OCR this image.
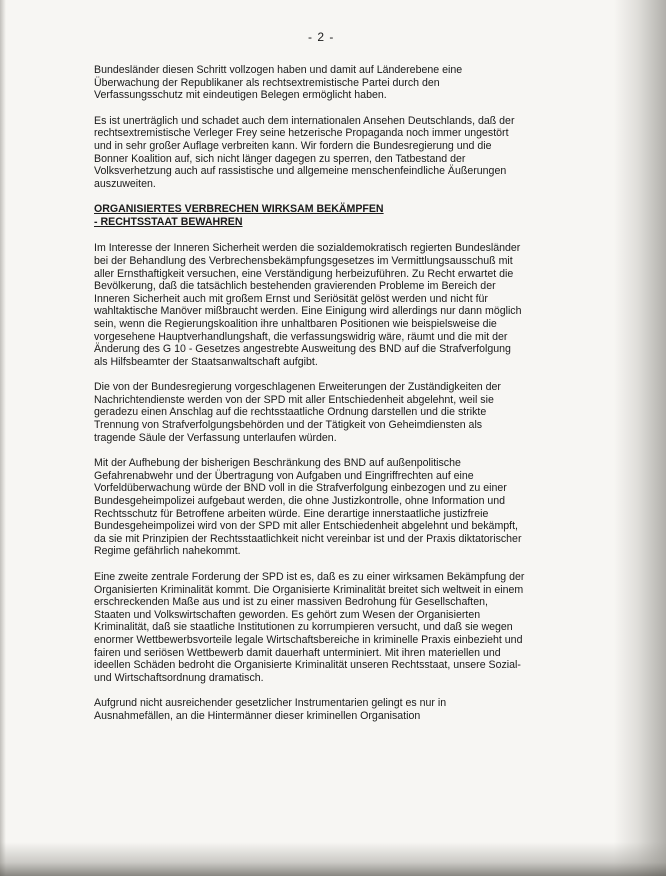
- 2 -

Bundesländer diesen Schritt vollzogen haben und damit auf Länderebene eine Überwachung der Republikaner als rechtsextremistische Partei durch den Verfassungsschutz mit eindeutigen Belegen ermöglicht haben.

Es ist unerträglich und schadet auch dem internationalen Ansehen Deutschlands, daß der rechtsextremistische Verleger Frey seine hetzerische Propaganda noch immer ungestört und in sehr großer Auflage verbreiten kann. Wir fordern die Bundesregierung und die Bonner Koalition auf, sich nicht länger dagegen zu sperren, den Tatbestand der Volksverhetzung auch auf rassistische und allgemeine menschenfeindliche Äußerungen auszuweiten.

ORGANISIERTES VERBRECHEN WIRKSAM BEKÄMPFEN
- RECHTSSTAAT BEWAHREN

Im Interesse der Inneren Sicherheit werden die sozialdemokratisch regierten Bundesländer bei der Behandlung des Verbrechensbekämpfungsgesetzes im Vermittlungsausschuß mit aller Ernsthaftigkeit versuchen, eine Verständigung herbeizuführen. Zu Recht erwartet die Bevölkerung, daß die tatsächlich bestehenden gravierenden Probleme im Bereich der Inneren Sicherheit auch mit großem Ernst und Seriösität gelöst werden und nicht für wahltaktische Manöver mißbraucht werden. Eine Einigung wird allerdings nur dann möglich sein, wenn die Regierungskoalition ihre unhaltbaren Positionen wie beispielsweise die vorgesehene Hauptverhandlungshaft, die verfassungswidrig wäre, räumt und die mit der Änderung des G 10 - Gesetzes angestrebte Ausweitung des BND auf die Strafverfolgung als Hilfsbeamter der Staatsanwaltschaft aufgibt.

Die von der Bundesregierung vorgeschlagenen Erweiterungen der Zuständigkeiten der Nachrichtendienste werden von der SPD mit aller Entschiedenheit abgelehnt, weil sie geradezu einen Anschlag auf die rechtsstaatliche Ordnung darstellen und die strikte Trennung von Strafverfolgungsbehörden und der Tätigkeit von Geheimdiensten als tragende Säule der Verfassung unterlaufen würden.

Mit der Aufhebung der bisherigen Beschränkung des BND auf außenpolitische Gefahrenabwehr und der Übertragung von Aufgaben und Eingriffrechten auf eine Vorfeldüberwachung würde der BND voll in die Strafverfolgung einbezogen und zu einer Bundesgeheimpolizei aufgebaut werden, die ohne Justizkontrolle, ohne Information und Rechtsschutz für Betroffene arbeiten würde. Eine derartige innerstaatliche justizfreie Bundesgeheimpolizei wird von der SPD mit aller Entschiedenheit abgelehnt und bekämpft, da sie mit Prinzipien der Rechtsstaatlichkeit nicht vereinbar ist und der Praxis diktatorischer Regime gefährlich nahekommt.

Eine zweite zentrale Forderung der SPD ist es, daß es zu einer wirksamen Bekämpfung der Organisierten Kriminalität kommt. Die Organisierte Kriminalität breitet sich weltweit in einem erschreckenden Maße aus und ist zu einer massiven Bedrohung für Gesellschaften, Staaten und Volkswirtschaften geworden. Es gehört zum Wesen der Organisierten Kriminalität, daß sie staatliche Institutionen zu korrumpieren versucht, und daß sie wegen enormer Wettbewerbsvorteile legale Wirtschaftsbereiche in kriminelle Praxis einbezieht und fairen und seriösen Wettbewerb damit dauerhaft unterminiert. Mit ihren materiellen und ideellen Schäden bedroht die Organisierte Kriminalität unseren Rechtsstaat, unsere Sozial- und Wirtschaftsordnung dramatisch.

Aufgrund nicht ausreichender gesetzlicher Instrumentarien gelingt es nur in Ausnahmefällen, an die Hintermänner dieser kriminellen Organisation
